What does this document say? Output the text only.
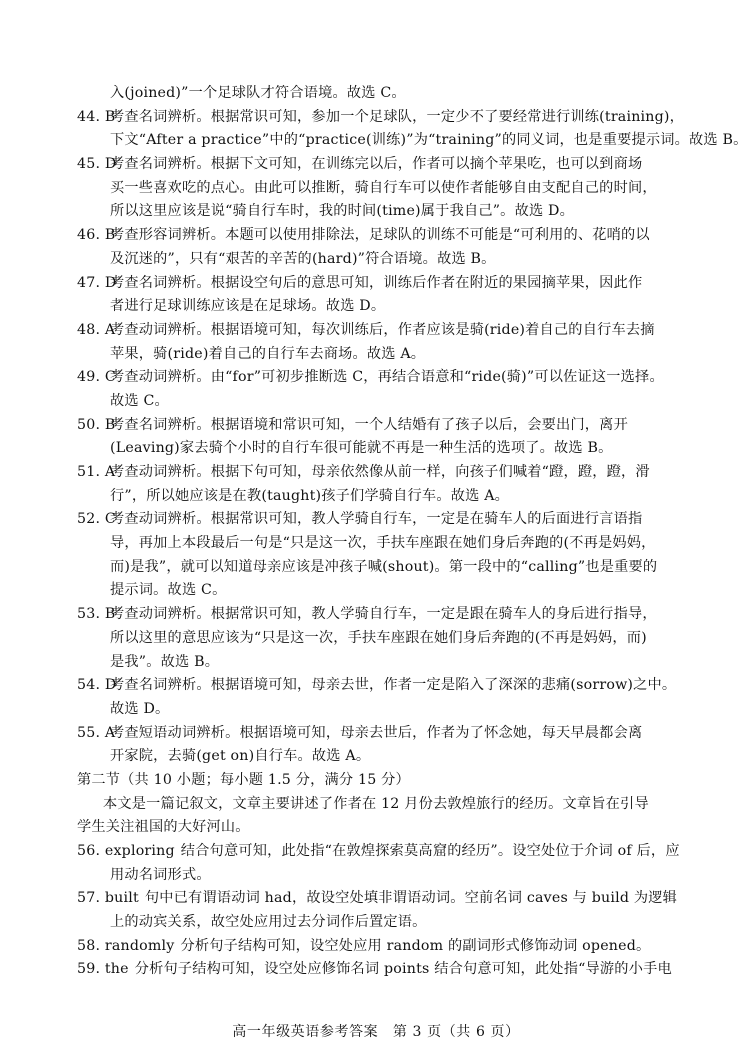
入(joined)”一个足球队才符合语境。故选 C。
44. B考查名词辨析。根据常识可知，参加一个足球队，一定少不了要经常进行训练(training)，
下文“After a practice”中的“practice(训练)”为“training”的同义词，也是重要提示词。故选 B。
45. D考查名词辨析。根据下文可知，在训练完以后，作者可以摘个苹果吃，也可以到商场
买一些喜欢吃的点心。由此可以推断，骑自行车可以使作者能够自由支配自己的时间，
所以这里应该是说“骑自行车时，我的时间(time)属于我自己”。故选 D。
46. B考查形容词辨析。本题可以使用排除法，足球队的训练不可能是“可利用的、花哨的以
及沉迷的”，只有“艰苦的辛苦的(hard)”符合语境。故选 B。
47. D考查名词辨析。根据设空句后的意思可知，训练后作者在附近的果园摘苹果，因此作
者进行足球训练应该是在足球场。故选 D。
48. A考查动词辨析。根据语境可知，每次训练后，作者应该是骑(ride)着自己的自行车去摘
苹果，骑(ride)着自己的自行车去商场。故选 A。
49. C考查动词辨析。由“for”可初步推断选 C，再结合语意和“ride(骑)”可以佐证这一选择。
故选 C。
50. B考查名词辨析。根据语境和常识可知，一个人结婚有了孩子以后，会要出门，离开
(Leaving)家去骑个小时的自行车很可能就不再是一种生活的选项了。故选 B。
51. A考查动词辨析。根据下句可知，母亲依然像从前一样，向孩子们喊着“蹬，蹬，蹬，滑
行”，所以她应该是在教(taught)孩子们学骑自行车。故选 A。
52. C考查动词辨析。根据常识可知，教人学骑自行车，一定是在骑车人的后面进行言语指
导，再加上本段最后一句是“只是这一次，手扶车座跟在她们身后奔跑的(不再是妈妈，
而)是我”，就可以知道母亲应该是冲孩子喊(shout)。第一段中的“calling”也是重要的
提示词。故选 C。
53. B考查动词辨析。根据常识可知，教人学骑自行车，一定是跟在骑车人的身后进行指导，
所以这里的意思应该为“只是这一次，手扶车座跟在她们身后奔跑的(不再是妈妈，而)
是我”。故选 B。
54. D考查名词辨析。根据语境可知，母亲去世，作者一定是陷入了深深的悲痛(sorrow)之中。
故选 D。
55. A考查短语动词辨析。根据语境可知，母亲去世后，作者为了怀念她，每天早晨都会离
开家院，去骑(get on)自行车。故选 A。
第二节（共 10 小题；每小题 1.5 分，满分 15 分）
本文是一篇记叙文，文章主要讲述了作者在 12 月份去敦煌旅行的经历。文章旨在引导
学生关注祖国的大好河山。
56. exploring 结合句意可知，此处指“在敦煌探索莫高窟的经历”。设空处位于介词 of 后，应
用动名词形式。
57. built 句中已有谓语动词 had，故设空处填非谓语动词。空前名词 caves 与 build 为逻辑
上的动宾关系，故空处应用过去分词作后置定语。
58. randomly 分析句子结构可知，设空处应用 random 的副词形式修饰动词 opened。
59. the 分析句子结构可知，设空处应修饰名词 points 结合句意可知，此处指“导游的小手电
高一年级英语参考答案　第 3 页（共 6 页）
